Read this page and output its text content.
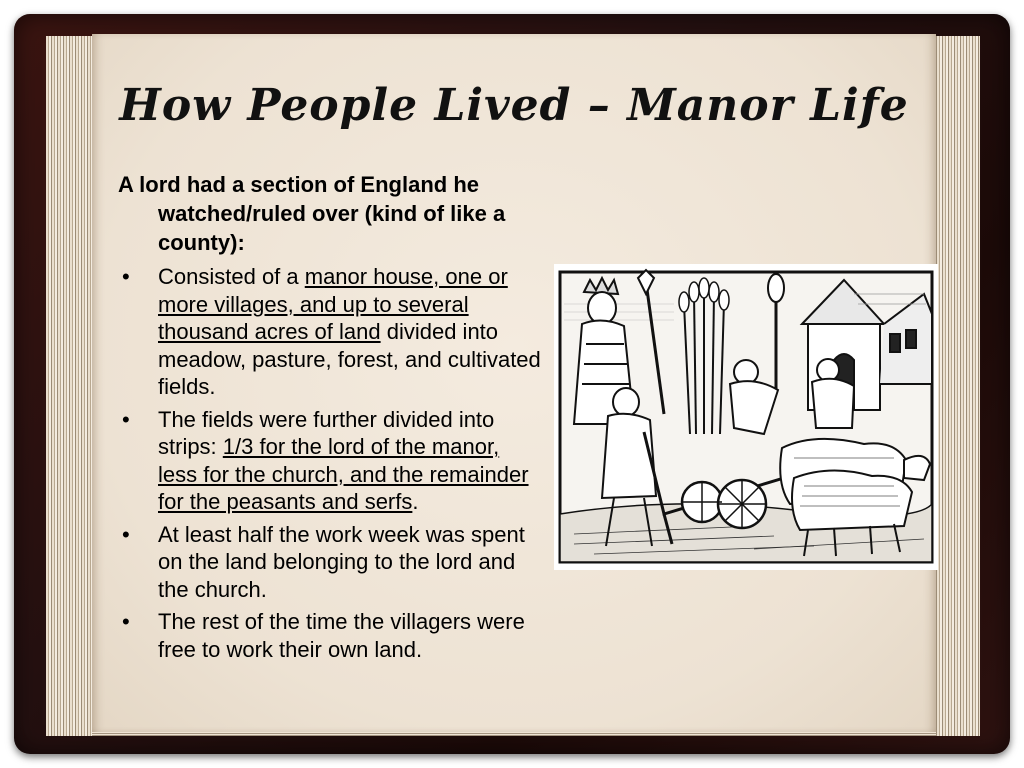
How People Lived – Manor Life

A lord had a section of England he watched/ruled over (kind of like a county):

• Consisted of a manor house, one or more villages, and up to several thousand acres of land divided into meadow, pasture, forest, and cultivated fields.
• The fields were further divided into strips: 1/3 for the lord of the manor, less for the church, and the remainder for the peasants and serfs.
• At least half the work week was spent on the land belonging to the lord and the church.
• The rest of the time the villagers were free to work their own land.
